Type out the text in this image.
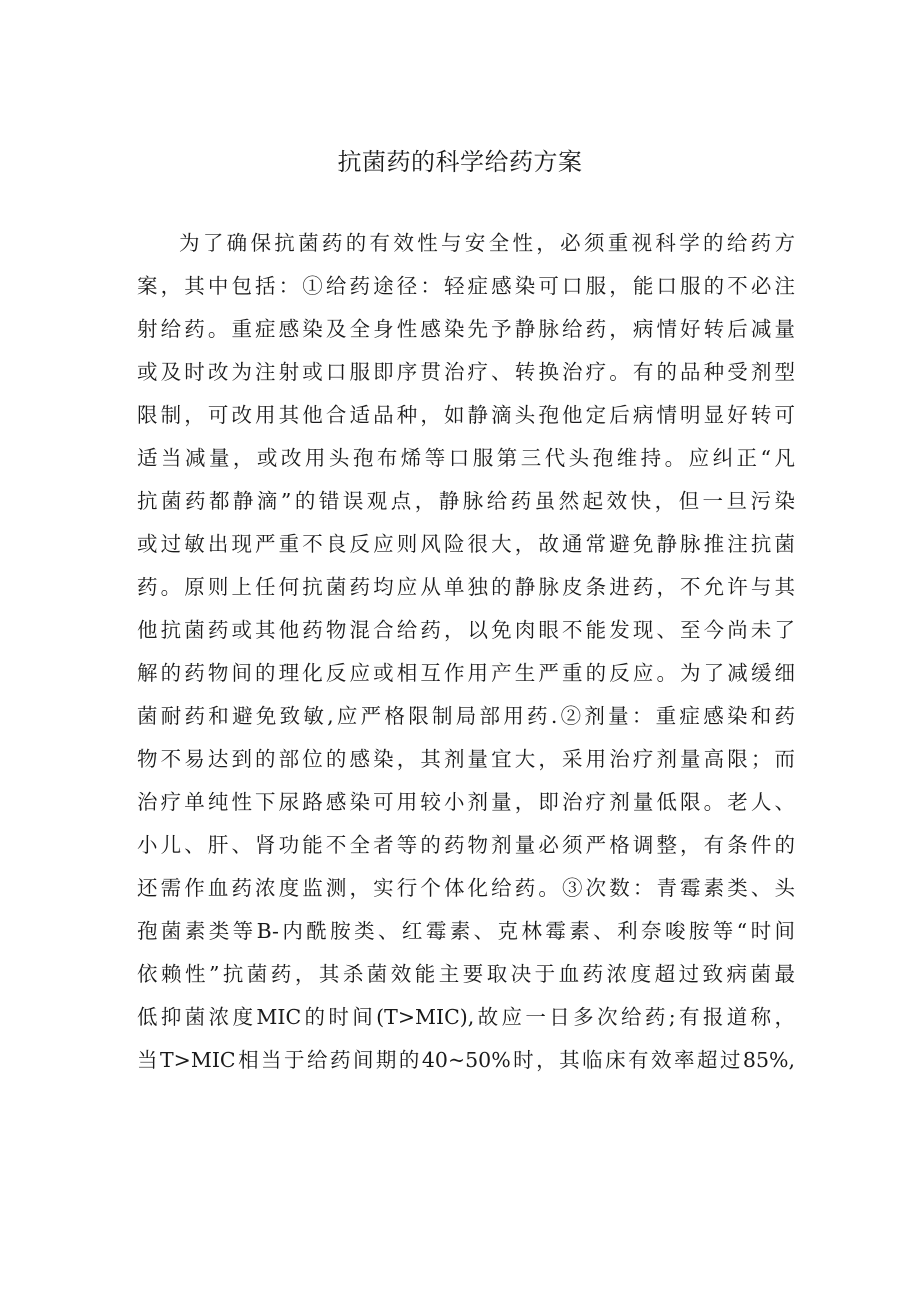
抗菌药的科学给药方案
为了确保抗菌药的有效性与安全性，必须重视科学的给药方
案，其中包括：①给药途径：轻症感染可口服，能口服的不必注
射给药。重症感染及全身性感染先予静脉给药，病情好转后减量
或及时改为注射或口服即序贯治疗、转换治疗。有的品种受剂型
限制，可改用其他合适品种，如静滴头孢他定后病情明显好转可
适当减量，或改用头孢布烯等口服第三代头孢维持。应纠正“凡
抗菌药都静滴”的错误观点，静脉给药虽然起效快，但一旦污染
或过敏出现严重不良反应则风险很大，故通常避免静脉推注抗菌
药。原则上任何抗菌药均应从单独的静脉皮条进药，不允许与其
他抗菌药或其他药物混合给药，以免肉眼不能发现、至今尚未了
解的药物间的理化反应或相互作用产生严重的反应。为了减缓细
菌耐药和避免致敏,应严格限制局部用药.②剂量：重症感染和药
物不易达到的部位的感染，其剂量宜大，采用治疗剂量高限；而
治疗单纯性下尿路感染可用较小剂量，即治疗剂量低限。老人、
小儿、肝、肾功能不全者等的药物剂量必须严格调整，有条件的
还需作血药浓度监测，实行个体化给药。③次数：青霉素类、头
孢菌素类等B-内酰胺类、红霉素、克林霉素、利奈唆胺等“时间
依赖性”抗菌药，其杀菌效能主要取决于血药浓度超过致病菌最
低抑菌浓度MIC的时间(T>MIC),故应一日多次给药;有报道称，
当T>MIC相当于给药间期的40~50%时，其临床有效率超过85%,
